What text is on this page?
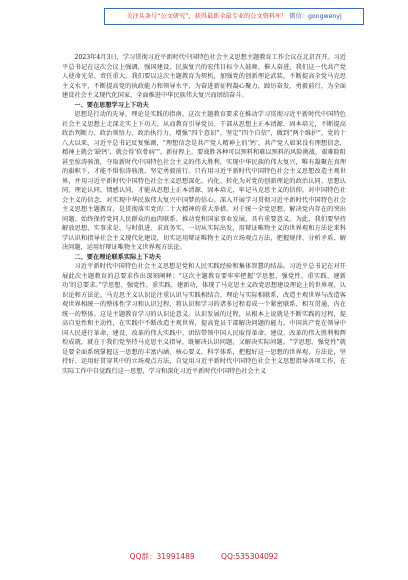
关注头条号“公文研究”，获得最新全最专业的公文资料库！ 微信：gongwenyj

2023年4月3日，学习贯彻习近平新时代中国特色社会主义思想主题教育工作会议在北京召开。习近平总书记在这次会议上强调，强国建设、民族复兴的宏伟目标令人鼓舞、催人奋进，我们这一代共产党人使命光荣、责任重大。我们要以这次主题教育为契机，加强党的创新理论武装，不断提高全党马克思主义水平，不断提高党的执政能力和领导水平，为奋进新征程凝心聚力，踔厉奋发、勇毅前行，为全面建设社会主义现代化国家、全面推进中华民族伟大复兴而团结奋斗。

一、要在思想学习上下功夫

思想是行动的先导，理论是实践的指南。这次主题教育要求在推动学习贯彻习近平新时代中国特色社会主义思想上走深走实上下功夫，从而教育引导党员、干部从思想上正本清源、固本培元，不断提高政治判断力、政治领悟力、政治执行力，增强“四个意识”、坚定“四个自信”，做到“两个维护”，党的十八大以来，习近平总书记反复强调，“理想信念是共产党人精神上的‘钙’，共产党人如果没有理想信念，精神上就会‘缺钙’，就会得‘软骨病’”。新征程上，要战胜各种可以预料和难以预料的风险挑战，艰难险阻甚至惊涛骇浪，夺取新时代中国特色社会主义的伟大胜利，实现中华民族的伟大复兴，唯有凝聚在真理的旗帜下，才能不惧惊涛骇浪，坚定勇毅前行。只有用习近平新时代中国特色社会主义思想改造主观世界，并用习近平新时代中国特色社会主义思想深化、内化、转化为对党的创新理论的政治认同、思想认同、理论认同、情感认同，才能从思想上正本清源、固本培元，牢记马克思主义的信仰。对中国特色社会主义的信念，对实现中华民族伟大复兴中国梦的信心。深入开展学习贯彻习近平新时代中国特色社会主义思想主题教育，是贯彻落实党的二十大精神的重大举措。对于统一全党思想、解决党内存在的突出问题、始终保持党同人民群众的血肉联系、推动党和国家事业发展，具有重要意义。为此，我们要坚持解放思想、实事求是、与时俱进、求真务实，一切从实际出发，用辩证唯物主义的世界观和方法论来科学认识和指导社会主义现代化建设，切实运用辩证唯物主义的立场观点方法，把握规律、分析矛盾、解决问题，运用好辩证唯物主义世界观方法论。

二、要在理论联系实际上下功夫

习近平新时代中国特色社会主义思想是党和人民实践经验和集体智慧的结晶。习近平总书记在对开展此次主题教育的总要求作出深刻阐释：“这次主题教育要牢牢把握‘学思想、强党性、重实践、建新功’的总要求。”学思想、强党性、重实践、建新功，体现了马克思主义政党思想建设理论上的世界观、认识论和方法论。马克思主义认识论注重认识与实践相结合、理论与实际相联系，改造主观世界与改造客观世界相统一的整体性学习和认识过程，将认识和学习的诸多过程看成一个紧密联系、相互贯通、内在统一的整体。这是主题教育学习的认识论意义。认识发展的过程，从根本上说就是不断实践的过程，提高自觉性和主动性，在实践中不断改造主观世界，提高党员干部解决问题的能力。中国共产党在领导中国人民进行革命、建设、改革的伟大实践中，团结带领中国人民取得革命、建设、改革的伟大胜利和辉煌成就，就在于我们党坚持马克思主义指导，既解决认识问题，又解决实际问题。“学思想、强党性”就是要全面系统掌握这一思想的丰富内涵、核心要义、科学体系，把握好这一思想的世界观、方法论，坚持好、运用好贯穿其中的立场观点方法，自觉用习近平新时代中国特色社会主义思想指导各项工作，在实际工作中自觉践行这一思想，学习和深化习近平新时代中国特色社会主义

QQ群：31991489	QQ:535304092
